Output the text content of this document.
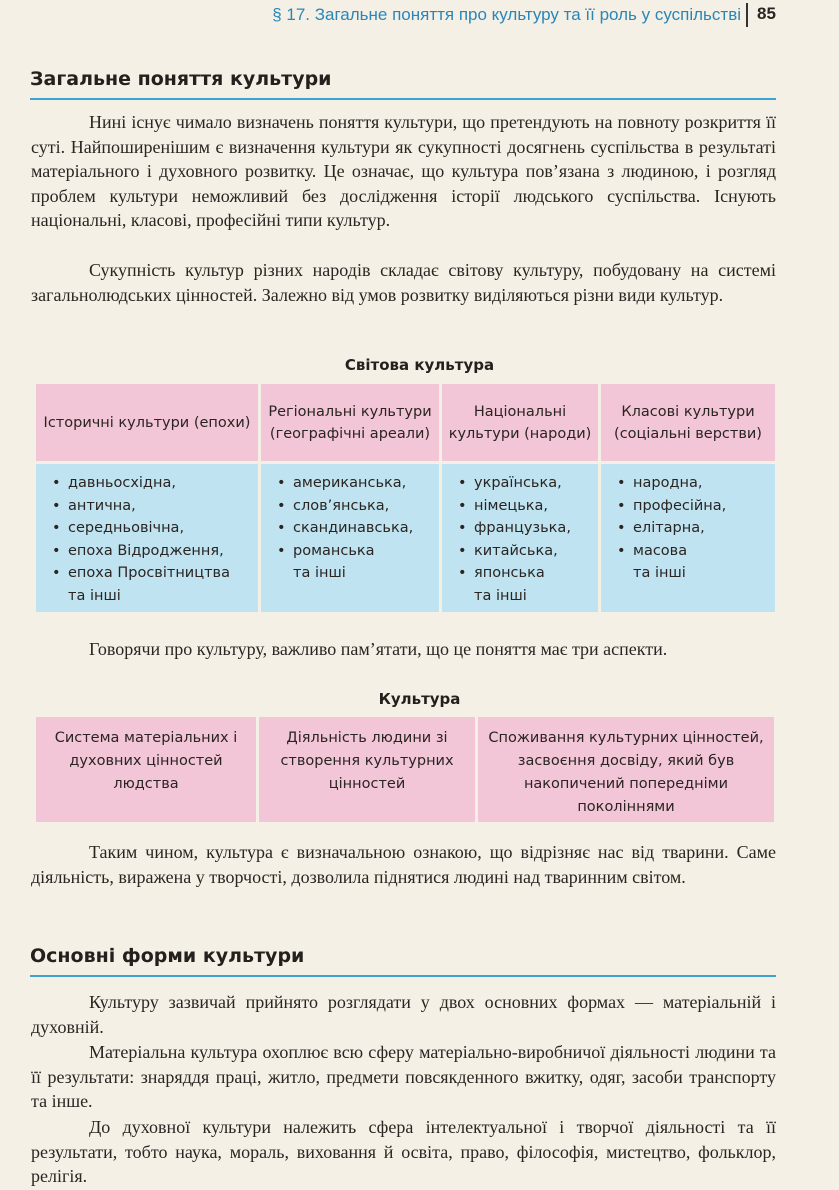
§ 17. Загальне поняття про культуру та її роль у суспільстві 85
Загальне поняття культури

Нині існує чимало визначень поняття культури, що претендують на повноту розкриття її суті. Найпоширенішим є визначення культури як сукупності досягнень суспільства в результаті матеріального і духовного розвитку. Це означає, що культура пов’язана з людиною, і розгляд проблем культури неможливий без дослідження історії людського суспільства. Існують національні, класові, професійні типи культур.

Сукупність культур різних народів складає світову культуру, побудовану на системі загальнолюдських цінностей. Залежно від умов розвитку виділяються різни види культур.

Світова культура
Історичні культури (епохи)
Регіональні культури (географічні ареали)
Національні культури (народи)
Класові культури (соціальні верстви)
• давньосхідна,
• антична,
• середньовічна,
• епоха Відродження,
• епоха Просвітництва
та інші
• американська,
• слов’янська,
• скандинавська,
• романська
та інші
• українська,
• німецька,
• французька,
• китайська,
• японська
та інші
• народна,
• професійна,
• елітарна,
• масова
та інші

Говорячи про культуру, важливо пам’ятати, що це поняття має три аспекти.

Культура
Система матеріальних і духовних цінностей людства
Діяльність людини зі створення культурних цінностей
Споживання культурних цінностей, засвоєння досвіду, який був накопичений попередніми поколіннями

Таким чином, культура є визначальною ознакою, що відрізняє нас від тварини. Саме діяльність, виражена у творчості, дозволила піднятися людині над тваринним світом.

Основні форми культури

Культуру зазвичай прийнято розглядати у двох основних формах — матеріальній і духовній.

Матеріальна культура охоплює всю сферу матеріально-виробничої діяльності людини та її результати: знаряддя праці, житло, предмети повсякденного вжитку, одяг, засоби транспорту та інше.

До духовної культури належить сфера інтелектуальної і творчої діяльності та її результати, тобто наука, мораль, виховання й освіта, право, філософія, мистецтво, фольклор, релігія.
